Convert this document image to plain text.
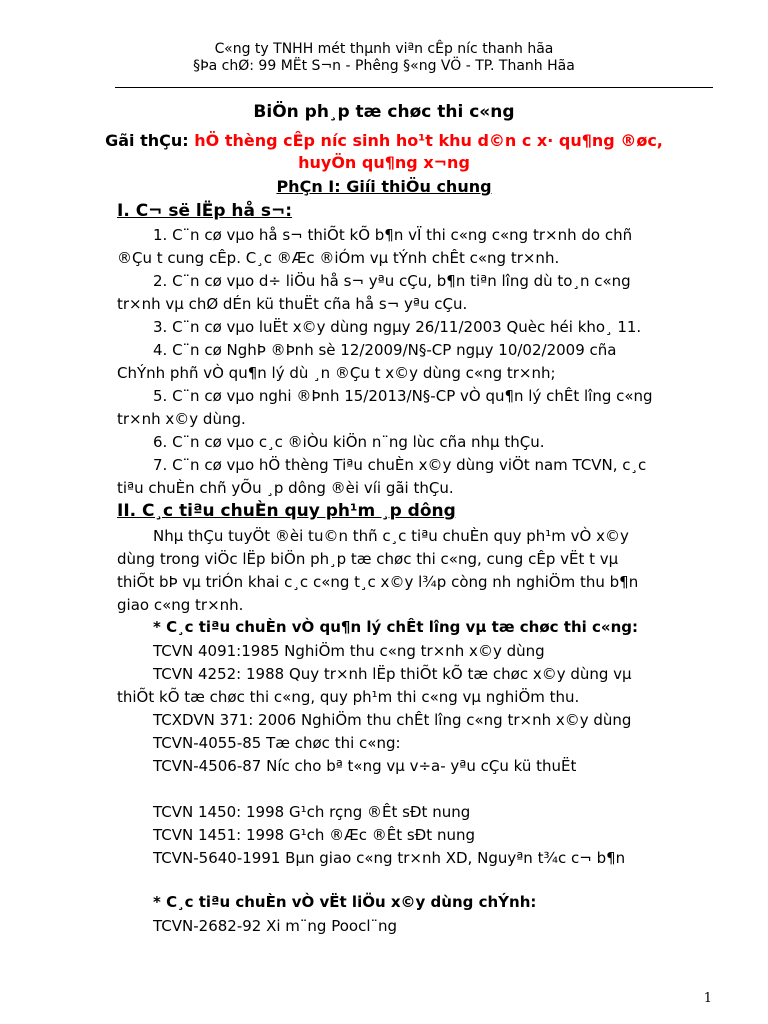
C«ng ty TNHH mét thµnh viªn cÊp níc thanh hãa
§Þa chØ: 99 MËt S¬n - Phêng §«ng VÖ - TP. Thanh Hãa
BiÖn ph¸p tæ chøc thi c«ng
Gãi thÇu: hÖ thèng cÊp níc sinh ho¹t khu d©n c x· qu¶ng ®øc,
huyÖn qu¶ng x¬ng
PhÇn I: Giíi thiÖu chung
I. C¬ së lËp hå s¬:
1. C¨n cø vµo hå s¬ thiÕt kÕ b¶n vÏ thi c«ng c«ng tr×nh do chñ
®Çu t cung cÊp. C¸c ®Æc ®iÓm vµ tÝnh chÊt c«ng tr×nh.
2. C¨n cø vµo d÷ liÖu hå s¬ yªu cÇu, b¶n tiªn lîng dù to¸n c«ng
tr×nh vµ chØ dÉn kü thuËt cña hå s¬ yªu cÇu.
3. C¨n cø vµo luËt x©y dùng ngµy 26/11/2003 Quèc héi kho¸ 11.
4. C¨n cø NghÞ ®Þnh sè 12/2009/N§-CP ngµy 10/02/2009 cña
ChÝnh phñ vÒ qu¶n lý dù ¸n ®Çu t x©y dùng c«ng tr×nh;
5. C¨n cø vµo nghi ®Þnh 15/2013/N§-CP vÒ qu¶n lý chÊt lîng c«ng
tr×nh x©y dùng.
6. C¨n cø vµo c¸c ®iÒu kiÖn n¨ng lùc cña nhµ thÇu.
7. C¨n cø vµo hÖ thèng Tiªu chuÈn x©y dùng viÖt nam TCVN, c¸c
tiªu chuÈn chñ yÕu ¸p dông ®èi víi gãi thÇu.
II. C¸c tiªu chuÈn quy ph¹m ¸p dông
Nhµ thÇu tuyÖt ®èi tu©n thñ c¸c tiªu chuÈn quy ph¹m vÒ x©y
dùng trong viÖc lËp biÖn ph¸p tæ chøc thi c«ng, cung cÊp vËt t vµ
thiÕt bÞ vµ triÓn khai c¸c c«ng t¸c x©y l¾p còng nh nghiÖm thu b¶n
giao c«ng tr×nh.
* C¸c tiªu chuÈn vÒ qu¶n lý chÊt lîng vµ tæ chøc thi c«ng:
TCVN 4091:1985 NghiÖm thu c«ng tr×nh x©y dùng
TCVN 4252: 1988 Quy tr×nh lËp thiÕt kÕ tæ chøc x©y dùng vµ
thiÕt kÕ tæ chøc thi c«ng, quy ph¹m thi c«ng vµ nghiÖm thu.
TCXDVN 371: 2006 NghiÖm thu chÊt lîng c«ng tr×nh x©y dùng
TCVN-4055-85 Tæ chøc thi c«ng:
TCVN-4506-87 Níc cho bª t«ng vµ v÷a- yªu cÇu kü thuËt
TCVN 1450: 1998 G¹ch rçng ®Êt sÐt nung
TCVN 1451: 1998 G¹ch ®Æc ®Êt sÐt nung
TCVN-5640-1991 Bµn giao c«ng tr×nh XD, Nguyªn t¾c c¬ b¶n
* C¸c tiªu chuÈn vÒ vËt liÖu x©y dùng chÝnh:
TCVN-2682-92 Xi m¨ng Poocl¨ng
1
